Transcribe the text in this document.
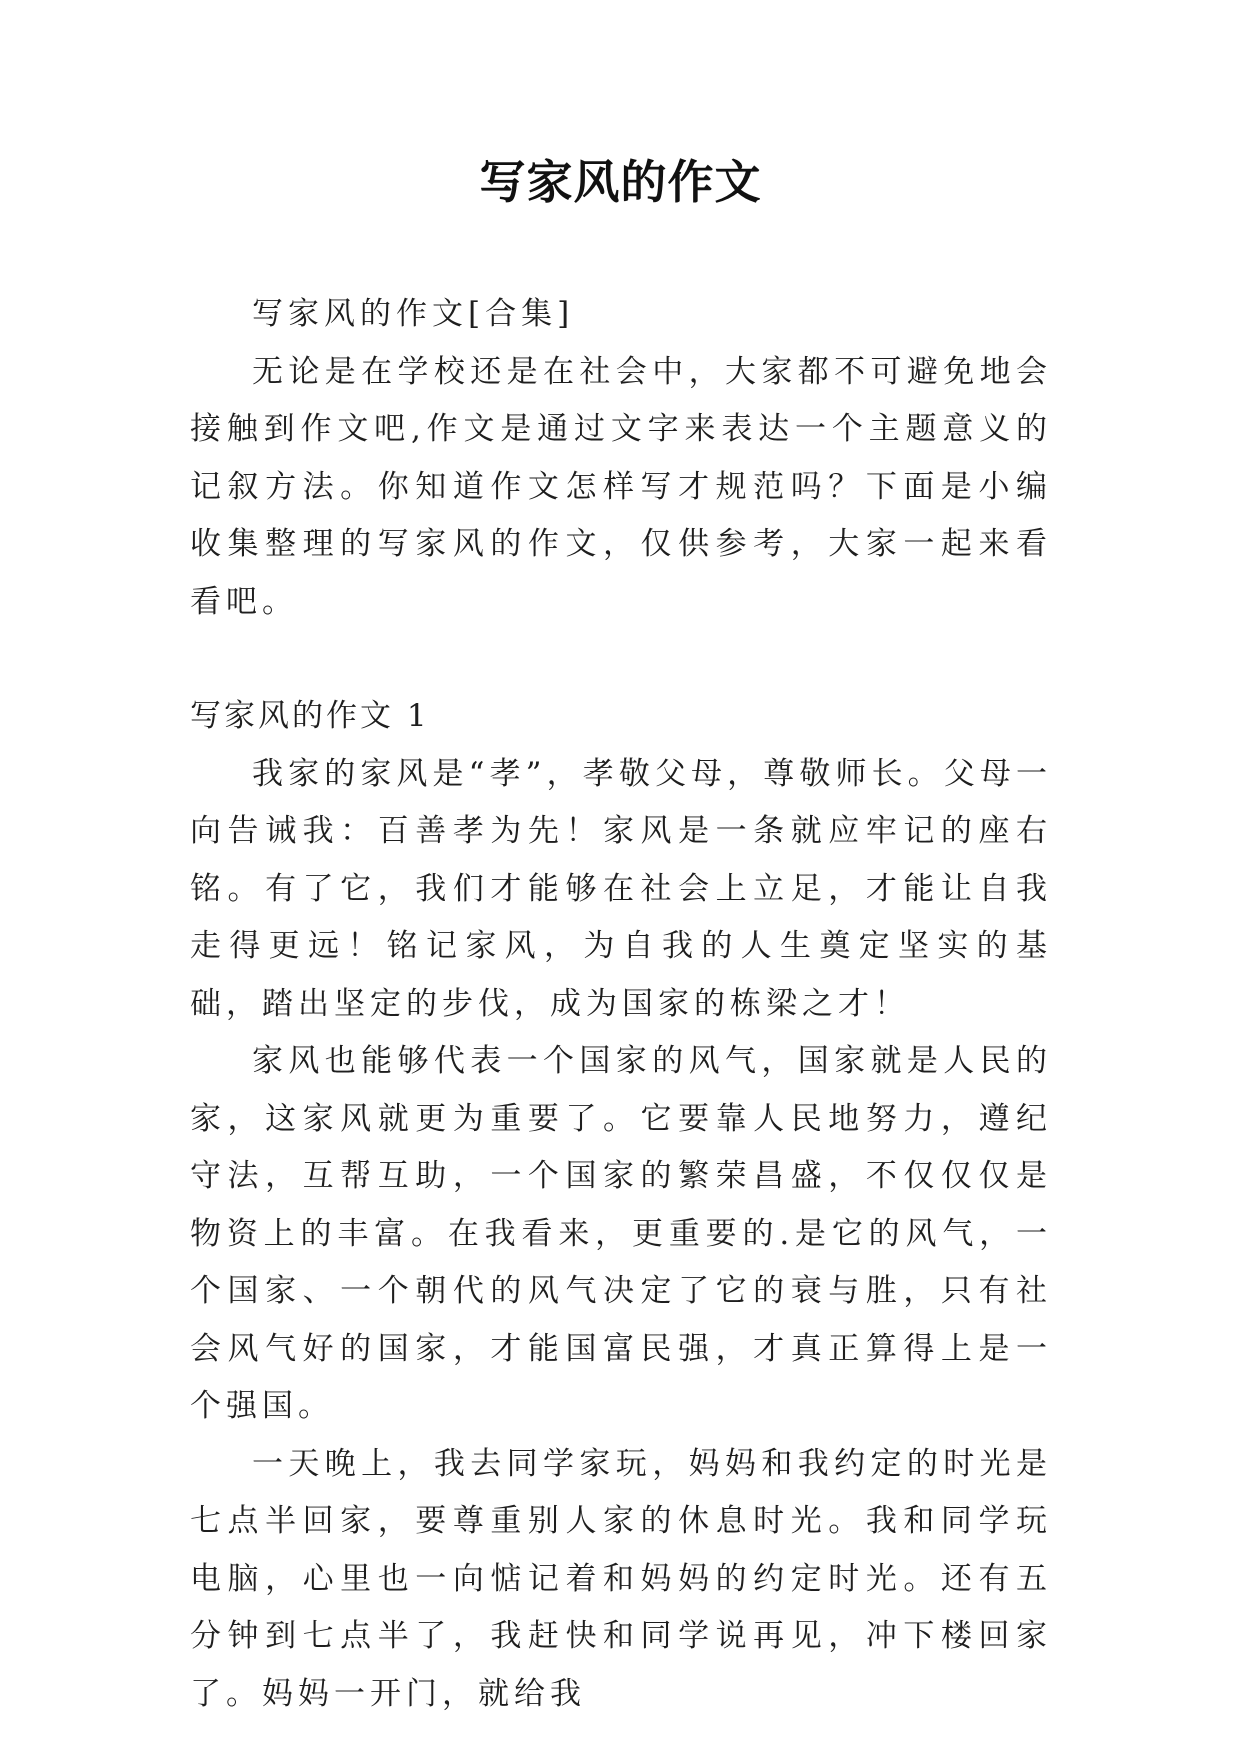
写家风的作文

写家风的作文[合集]

无论是在学校还是在社会中，大家都不可避免地会接触到作文吧,作文是通过文字来表达一个主题意义的记叙方法。你知道作文怎样写才规范吗？下面是小编收集整理的写家风的作文，仅供参考，大家一起来看看吧。

写家风的作文 1

我家的家风是“孝”，孝敬父母，尊敬师长。父母一向告诫我：百善孝为先！家风是一条就应牢记的座右铭。有了它，我们才能够在社会上立足，才能让自我走得更远！铭记家风，为自我的人生奠定坚实的基础，踏出坚定的步伐，成为国家的栋梁之才！

家风也能够代表一个国家的风气，国家就是人民的家，这家风就更为重要了。它要靠人民地努力，遵纪守法，互帮互助，一个国家的繁荣昌盛，不仅仅仅是物资上的丰富。在我看来，更重要的.是它的风气，一个国家、一个朝代的风气决定了它的衰与胜，只有社会风气好的国家，才能国富民强，才真正算得上是一个强国。

一天晚上，我去同学家玩，妈妈和我约定的时光是七点半回家，要尊重别人家的休息时光。我和同学玩电脑，心里也一向惦记着和妈妈的约定时光。还有五分钟到七点半了，我赶快和同学说再见，冲下楼回家了。妈妈一开门，就给我
